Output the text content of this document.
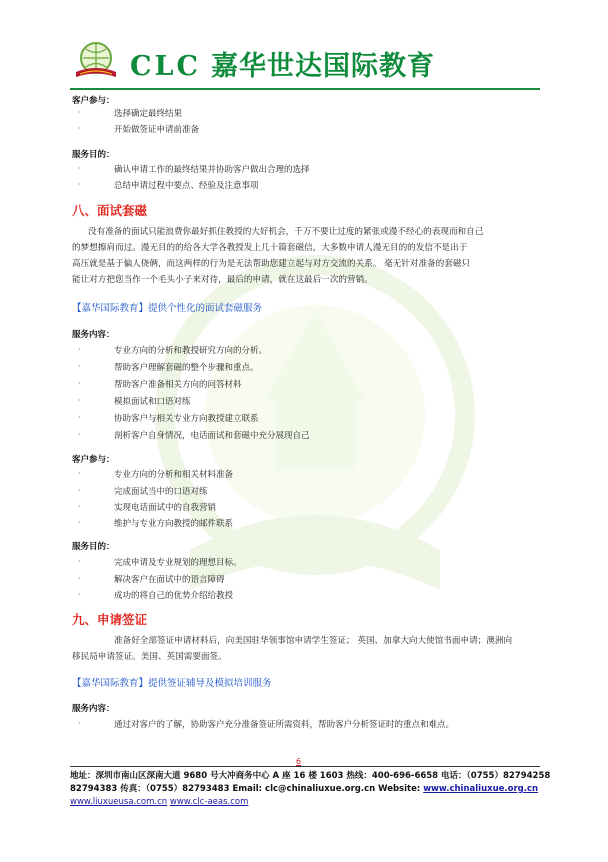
CLC 嘉华世达国际教育
客户参与：
·	选择确定最终结果
·	开始做签证申请前准备
服务目的：
·	确认申请工作的最终结果并协助客户做出合理的选择
·	总结申请过程中要点、经验及注意事项
八、面试套磁
没有准备的面试只能浪费你最好抓住教授的大好机会，千万不要让过度的紧张或漫不经心的表现而和自己
的梦想擦肩而过。漫无目的的给各大学各教授发上几十篇套磁信，大多数申请人漫无目的的发信不是出于
高压就是基于偏人侥俩，而这两样的行为是无法帮助您建立起与对方交流的关系。 毫无针对准备的套磁只
能让对方把您当作一个毛头小子来对待，最后的申请，就在这最后一次的营销。
【嘉华国际教育】提供个性化的面试套磁服务
服务内容：
·	专业方向的分析和教授研究方向的分析。
·	帮助客户理解套磁的整个步骤和重点。
·	帮助客户准备相关方向的问答材料
·	模拟面试和口语对练
·	协助客户与相关专业方向教授建立联系
·	剖析客户自身情况，电话面试和套磁中充分展现自己
客户参与：
·	专业方向的分析和相关材料准备
·	完成面试当中的口语对练
·	实现电话面试中的自我营销
·	维护与专业方向教授的邮件联系
服务目的：
·	完成申请及专业规划的理想目标。
·	解决客户在面试中的语言障碍
·	成功的将自己的优势介绍给教授
九、申请签证
准备好全部签证申请材料后，向美国驻华领事馆申请学生签证； 英国、加拿大向大使馆书面申请；澳洲向
移民局申请签证。美国、英国需要面签。
【嘉华国际教育】提供签证辅导及模拟培训服务
服务内容：
·	通过对客户的了解，协助客户充分准备签证所需资料，帮助客户分析签证时的重点和难点。
6
地址：深圳市南山区深南大道 9680 号大冲商务中心 A 座 16 楼 1603 热线：400-696-6658 电话：（0755）82794258
82794383 传真：（0755）82793483 Email: clc@chinaliuxue.org.cn Website: www.chinaliuxue.org.cn
www.liuxueusa.com.cn www.clc-aeas.com
